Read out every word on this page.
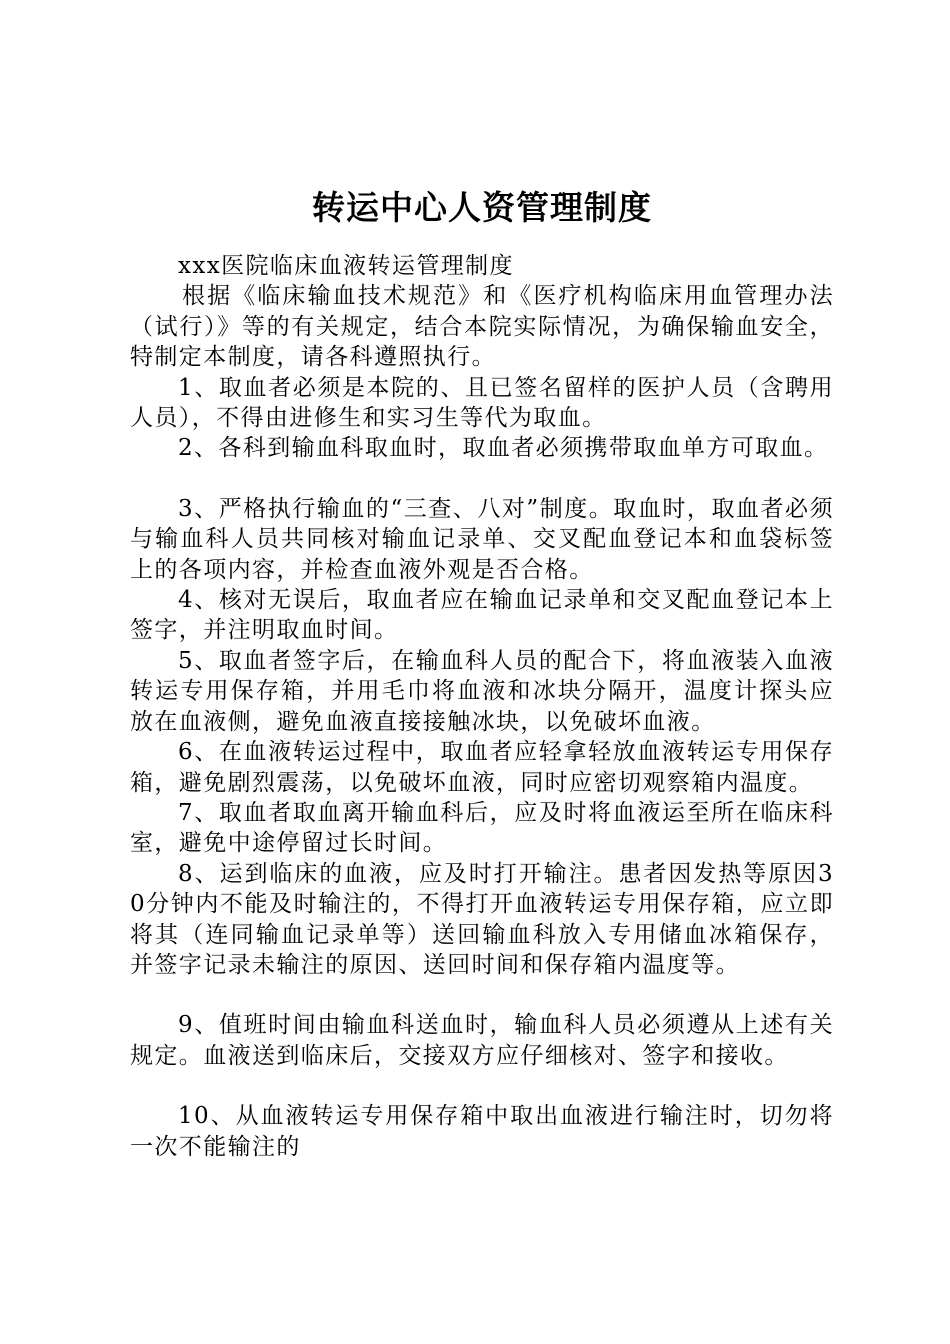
转运中心人资管理制度

xxx医院临床血液转运管理制度

根据《临床输血技术规范》和《医疗机构临床用血管理办法（试行）》等的有关规定，结合本院实际情况，为确保输血安全，特制定本制度，请各科遵照执行。

1、取血者必须是本院的、且已签名留样的医护人员（含聘用人员），不得由进修生和实习生等代为取血。

2、各科到输血科取血时，取血者必须携带取血单方可取血。

3、严格执行输血的“三查、八对”制度。取血时，取血者必须与输血科人员共同核对输血记录单、交叉配血登记本和血袋标签上的各项内容，并检查血液外观是否合格。

4、核对无误后，取血者应在输血记录单和交叉配血登记本上签字，并注明取血时间。

5、取血者签字后，在输血科人员的配合下，将血液装入血液转运专用保存箱，并用毛巾将血液和冰块分隔开，温度计探头应放在血液侧，避免血液直接接触冰块，以免破坏血液。

6、在血液转运过程中，取血者应轻拿轻放血液转运专用保存箱，避免剧烈震荡，以免破坏血液，同时应密切观察箱内温度。

7、取血者取血离开输血科后，应及时将血液运至所在临床科室，避免中途停留过长时间。

8、运到临床的血液，应及时打开输注。患者因发热等原因30分钟内不能及时输注的，不得打开血液转运专用保存箱，应立即将其（连同输血记录单等）送回输血科放入专用储血冰箱保存，并签字记录未输注的原因、送回时间和保存箱内温度等。

9、值班时间由输血科送血时，输血科人员必须遵从上述有关规定。血液送到临床后，交接双方应仔细核对、签字和接收。

10、从血液转运专用保存箱中取出血液进行输注时，切勿将一次不能输注的
